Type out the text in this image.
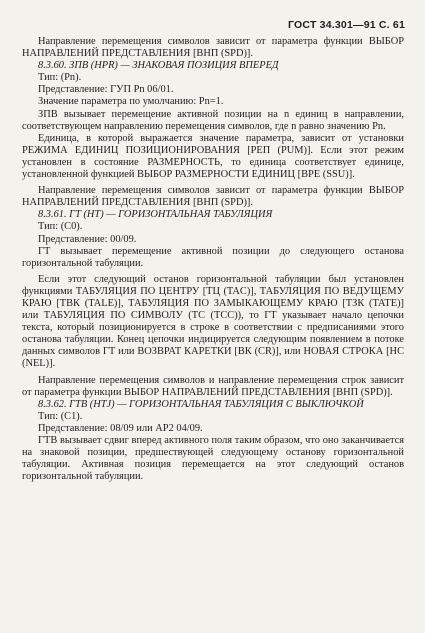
ГОСТ 34.301—91 С. 61

Направление перемещения символов зависит от параметра функции ВЫБОР НАПРАВЛЕНИЙ ПРЕДСТАВЛЕНИЯ [ВНП (SPD)].

8.3.60. ЗПВ (HPR) — ЗНАКОВАЯ ПОЗИЦИЯ ВПЕРЕД

Тип: (Pn).

Представление: ГУП Pn 06/01.

Значение параметра по умолчанию: Pn=1.

ЗПВ вызывает перемещение активной позиции на n единиц в направлении, соответствующем направлению перемещения символов, где n равно значению Pn.

Единица, в которой выражается значение параметра, зависит от установки РЕЖИМА ЕДИНИЦ ПОЗИЦИОНИРОВАНИЯ [РЕП (PUM)]. Если этот режим установлен в состояние РАЗМЕРНОСТЬ, то единица соответствует единице, установленной функцией ВЫБОР РАЗМЕРНОСТИ ЕДИНИЦ [ВРЕ (SSU)].

Направление перемещения символов зависит от параметра функции ВЫБОР НАПРАВЛЕНИЙ ПРЕДСТАВЛЕНИЯ [ВНП (SPD)].

8.3.61. ГТ (HT) — ГОРИЗОНТАЛЬНАЯ ТАБУЛЯЦИЯ

Тип: (C0).

Представление: 00/09.

ГТ вызывает перемещение активной позиции до следующего останова горизонтальной табуляции.

Если этот следующий останов горизонтальной табуляции был установлен функциями ТАБУЛЯЦИЯ ПО ЦЕНТРУ [ТЦ (TAC)], ТАБУЛЯЦИЯ ПО ВЕДУЩЕМУ КРАЮ [ТВК (TALE)], ТАБУЛЯЦИЯ ПО ЗАМЫКАЮЩЕМУ КРАЮ [ТЗК (TATE)] или ТАБУЛЯЦИЯ ПО СИМВОЛУ (TC (TCC)), то ГТ указывает начало цепочки текста, который позиционируется в строке в соответствии с предписаниями этого останова табуляции. Конец цепочки индицируется следующим появлением в потоке данных символов ГТ или ВОЗВРАТ КАРЕТКИ [ВК (CR)], или НОВАЯ СТРОКА [НС (NEL)].

Направление перемещения символов и направление перемещения строк зависит от параметра функции ВЫБОР НАПРАВЛЕНИЙ ПРЕДСТАВЛЕНИЯ [ВНП (SPD)].

8.3.62. ГТВ (HTJ) — ГОРИЗОНТАЛЬНАЯ ТАБУЛЯЦИЯ С ВЫКЛЮЧКОЙ

Тип: (C1).

Представление: 08/09 или АР2 04/09.

ГТВ вызывает сдвиг вперед активного поля таким образом, что оно заканчивается на знаковой позиции, предшествующей следующему останову горизонтальной табуляции. Активная позиция перемещается на этот следующий останов горизонтальной табуляции.
